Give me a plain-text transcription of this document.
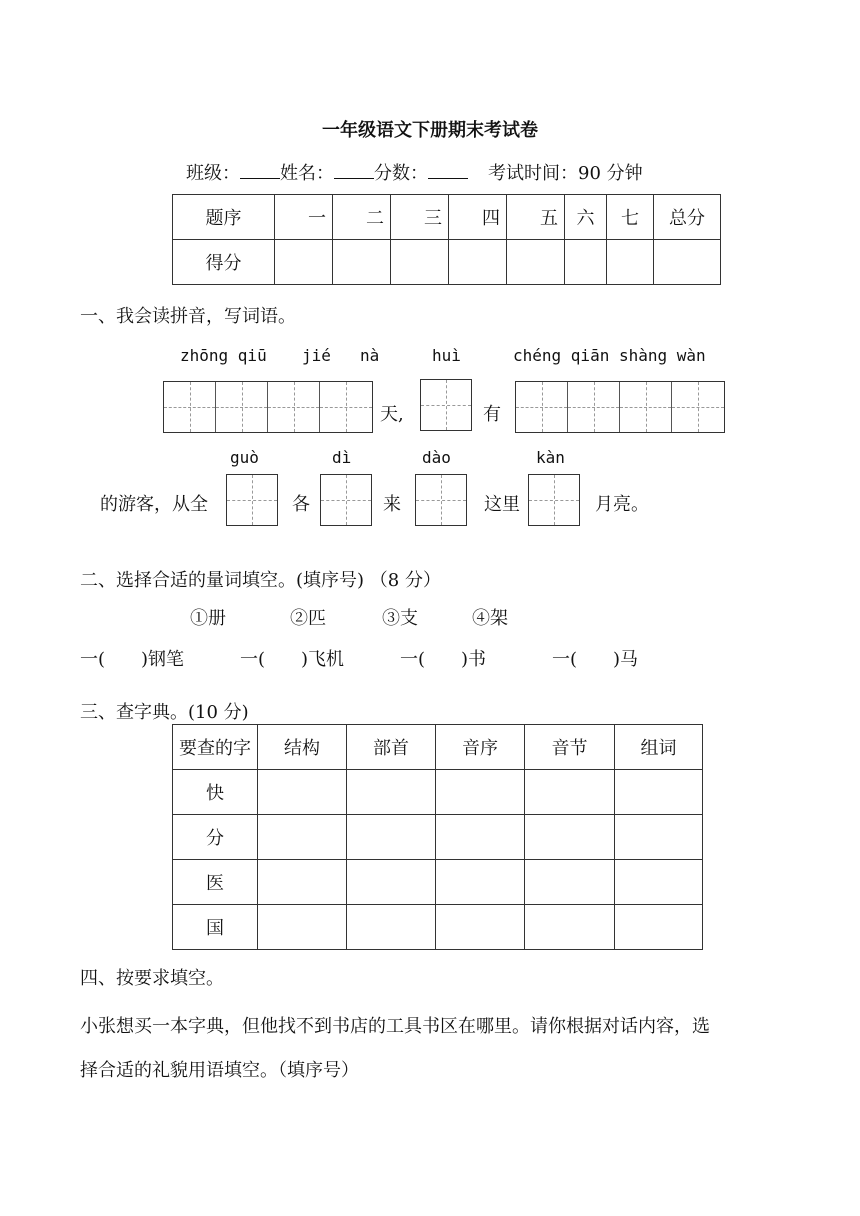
一年级语文下册期末考试卷
班级： 姓名： 分数：	考试时间：90 分钟
题序	一	二	三	四	五	六	七	总分
得分								
一、我会读拼音，写词语。
zhōng qiū jié nà	huì	chéng qiān shàng wàn
天,	有
guò	dì	dào	kàn
的游客，从全	各	来	这里	月亮。
二、选择合适的量词填空。(填序号) （8 分）
①册	②匹	③支	④架
一(　　)钢笔	一(　　)飞机	一(　　)书	一(　　)马
三、查字典。(10 分)
要查的字	结构	部首	音序	音节	组词
快					
分					
医					
国					
四、按要求填空。
小张想买一本字典，但他找不到书店的工具书区在哪里。请你根据对话内容，选
择合适的礼貌用语填空。（填序号）
